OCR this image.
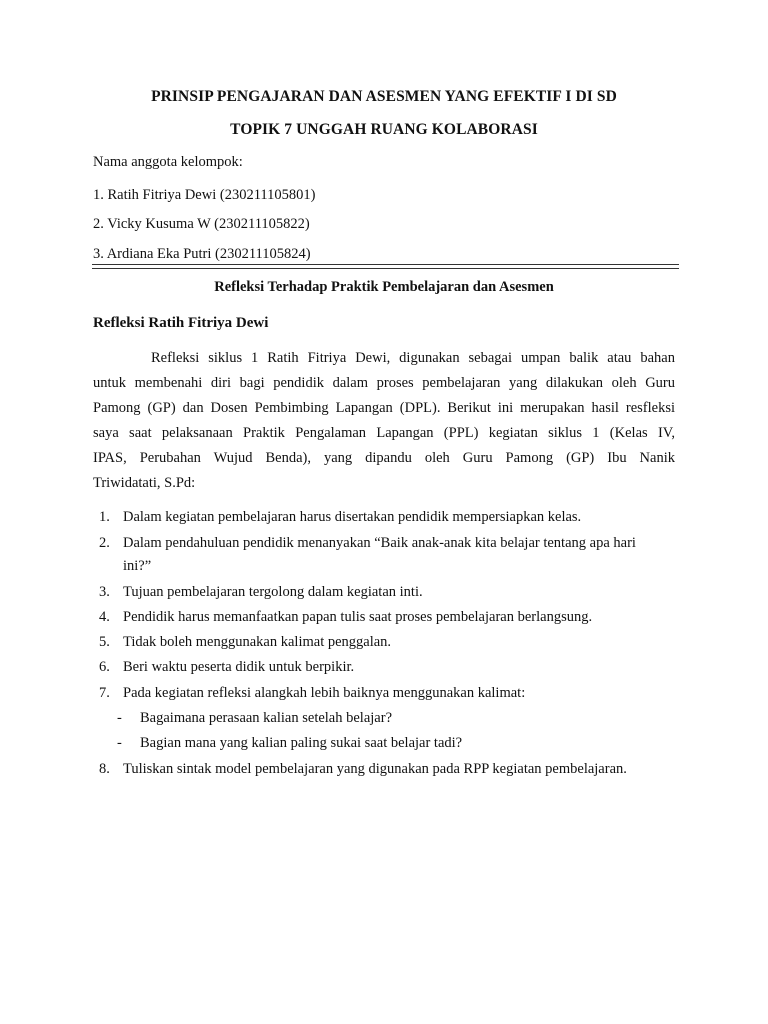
PRINSIP PENGAJARAN DAN ASESMEN YANG EFEKTIF I DI SD
TOPIK 7 UNGGAH RUANG KOLABORASI
Nama anggota kelompok:
1. Ratih Fitriya Dewi (230211105801)
2. Vicky Kusuma W (230211105822)
3. Ardiana Eka Putri (230211105824)
Refleksi Terhadap Praktik Pembelajaran dan Asesmen
Refleksi Ratih Fitriya Dewi
Refleksi siklus 1 Ratih Fitriya Dewi, digunakan sebagai umpan balik atau bahan
untuk membenahi diri bagi pendidik dalam proses pembelajaran yang dilakukan oleh Guru
Pamong (GP) dan Dosen Pembimbing Lapangan (DPL). Berikut ini merupakan hasil resfleksi
saya saat pelaksanaan Praktik Pengalaman Lapangan (PPL) kegiatan siklus 1 (Kelas IV,
IPAS, Perubahan Wujud Benda), yang dipandu oleh Guru Pamong (GP) Ibu Nanik
Triwidatati, S.Pd:
1. Dalam kegiatan pembelajaran harus disertakan pendidik mempersiapkan kelas.
2. Dalam pendahuluan pendidik menanyakan “Baik anak-anak kita belajar tentang apa hari
ini?”
3. Tujuan pembelajaran tergolong dalam kegiatan inti.
4. Pendidik harus memanfaatkan papan tulis saat proses pembelajaran berlangsung.
5. Tidak boleh menggunakan kalimat penggalan.
6. Beri waktu peserta didik untuk berpikir.
7. Pada kegiatan refleksi alangkah lebih baiknya menggunakan kalimat:
- Bagaimana perasaan kalian setelah belajar?
- Bagian mana yang kalian paling sukai saat belajar tadi?
8. Tuliskan sintak model pembelajaran yang digunakan pada RPP kegiatan pembelajaran.
